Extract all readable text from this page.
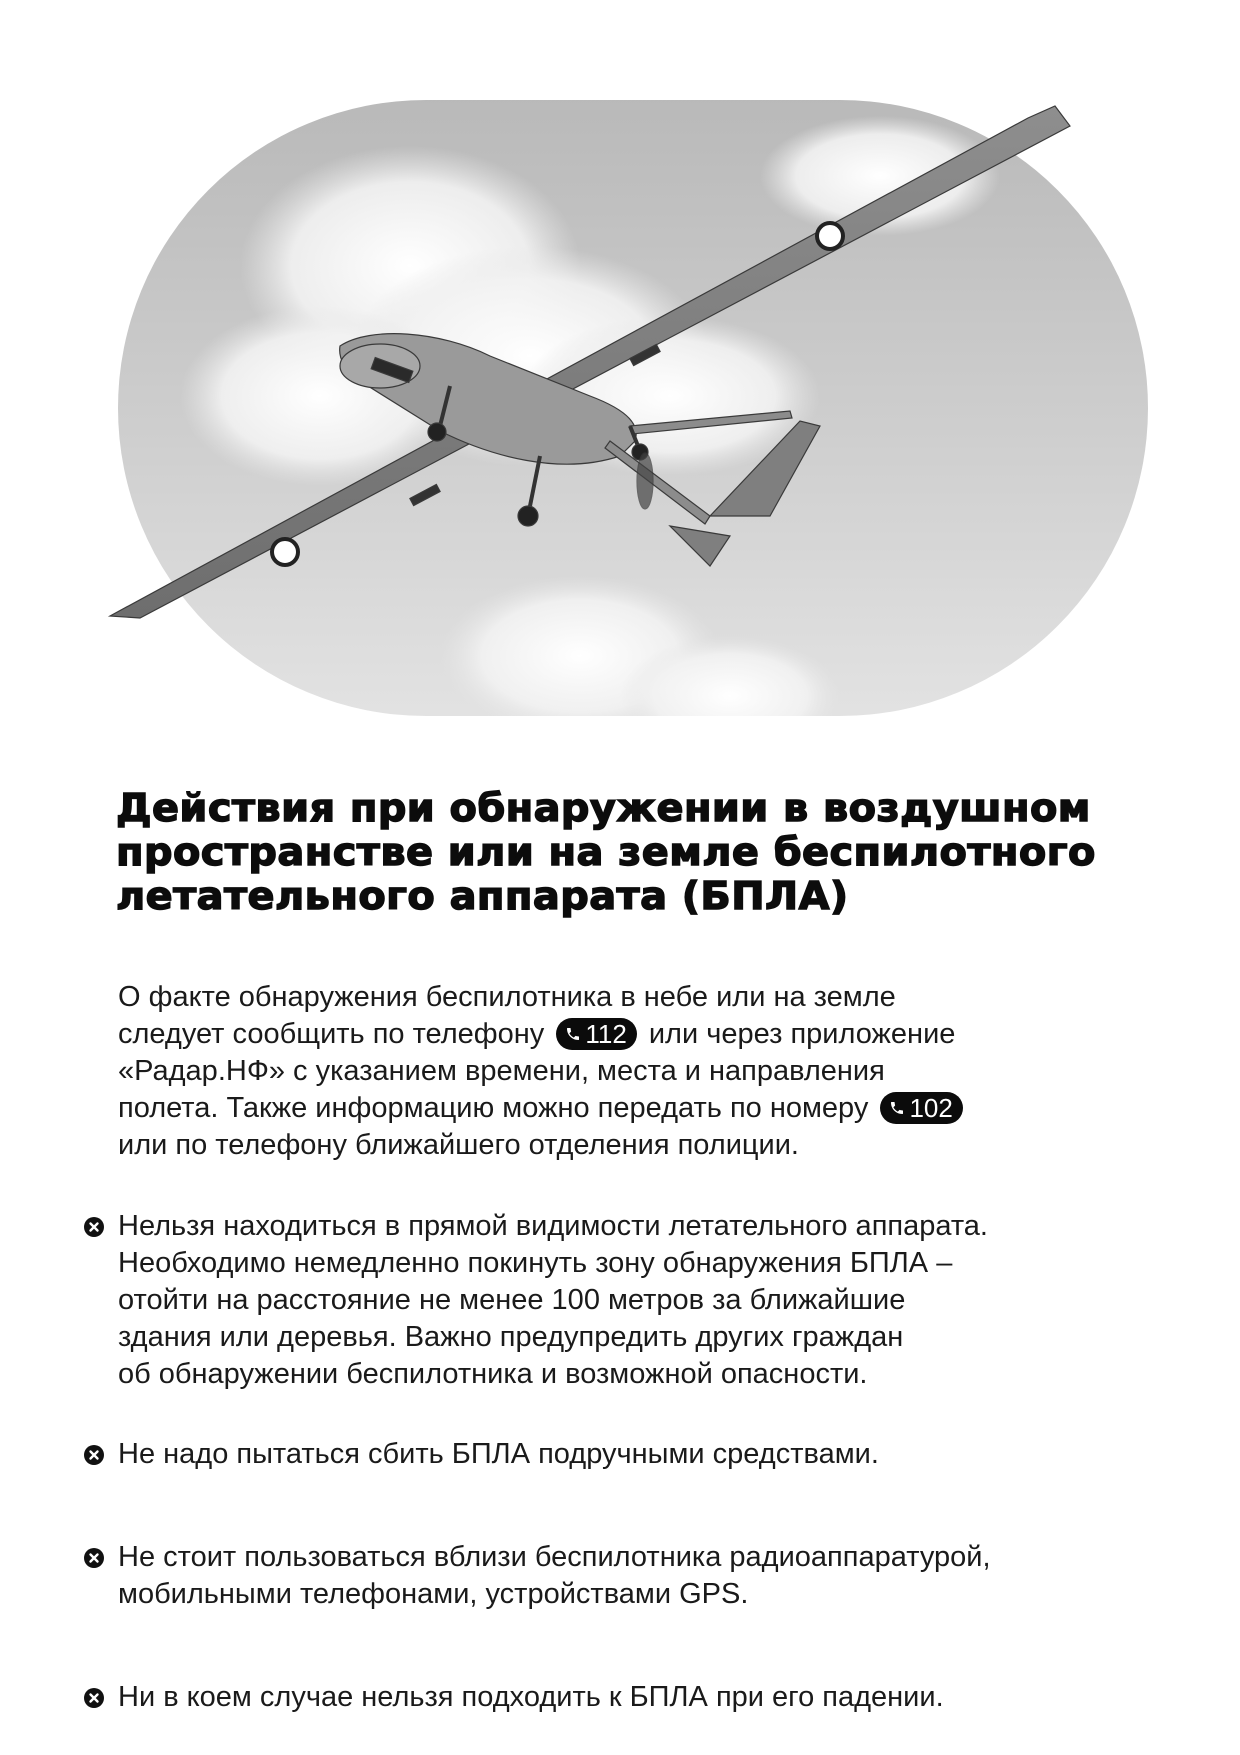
Действия при обнаружении в воздушном
пространстве или на земле беспилотного
летательного аппарата (БПЛА)

О факте обнаружения беспилотника в небе или на земле
следует сообщить по телефону 112 или через приложение
«Радар.НФ» с указанием времени, места и направления
полета. Также информацию можно передать по номеру 102
или по телефону ближайшего отделения полиции.

Нельзя находиться в прямой видимости летательного аппарата.
Необходимо немедленно покинуть зону обнаружения БПЛА –
отойти на расстояние не менее 100 метров за ближайшие
здания или деревья. Важно предупредить других граждан
об обнаружении беспилотника и возможной опасности.
Не надо пытаться сбить БПЛА подручными средствами.
Не стоит пользоваться вблизи беспилотника радиоаппаратурой,
мобильными телефонами, устройствами GPS.
Ни в коем случае нельзя подходить к БПЛА при его падении.
